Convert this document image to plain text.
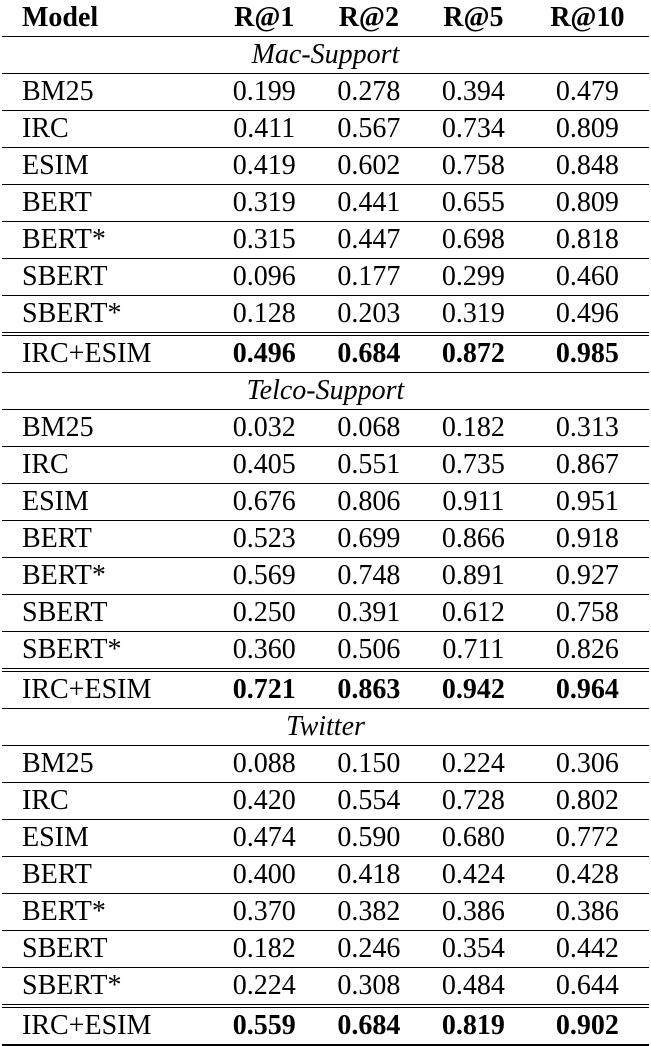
Model	R@1	R@2	R@5	R@10
Mac-Support				
BM25	0.199	0.278	0.394	0.479
IRC	0.411	0.567	0.734	0.809
ESIM	0.419	0.602	0.758	0.848
BERT	0.319	0.441	0.655	0.809
BERT*	0.315	0.447	0.698	0.818
SBERT	0.096	0.177	0.299	0.460
SBERT*	0.128	0.203	0.319	0.496
IRC+ESIM	0.496	0.684	0.872	0.985
Telco-Support				
BM25	0.032	0.068	0.182	0.313
IRC	0.405	0.551	0.735	0.867
ESIM	0.676	0.806	0.911	0.951
BERT	0.523	0.699	0.866	0.918
BERT*	0.569	0.748	0.891	0.927
SBERT	0.250	0.391	0.612	0.758
SBERT*	0.360	0.506	0.711	0.826
IRC+ESIM	0.721	0.863	0.942	0.964
Twitter				
BM25	0.088	0.150	0.224	0.306
IRC	0.420	0.554	0.728	0.802
ESIM	0.474	0.590	0.680	0.772
BERT	0.400	0.418	0.424	0.428
BERT*	0.370	0.382	0.386	0.386
SBERT	0.182	0.246	0.354	0.442
SBERT*	0.224	0.308	0.484	0.644
IRC+ESIM	0.559	0.684	0.819	0.902
